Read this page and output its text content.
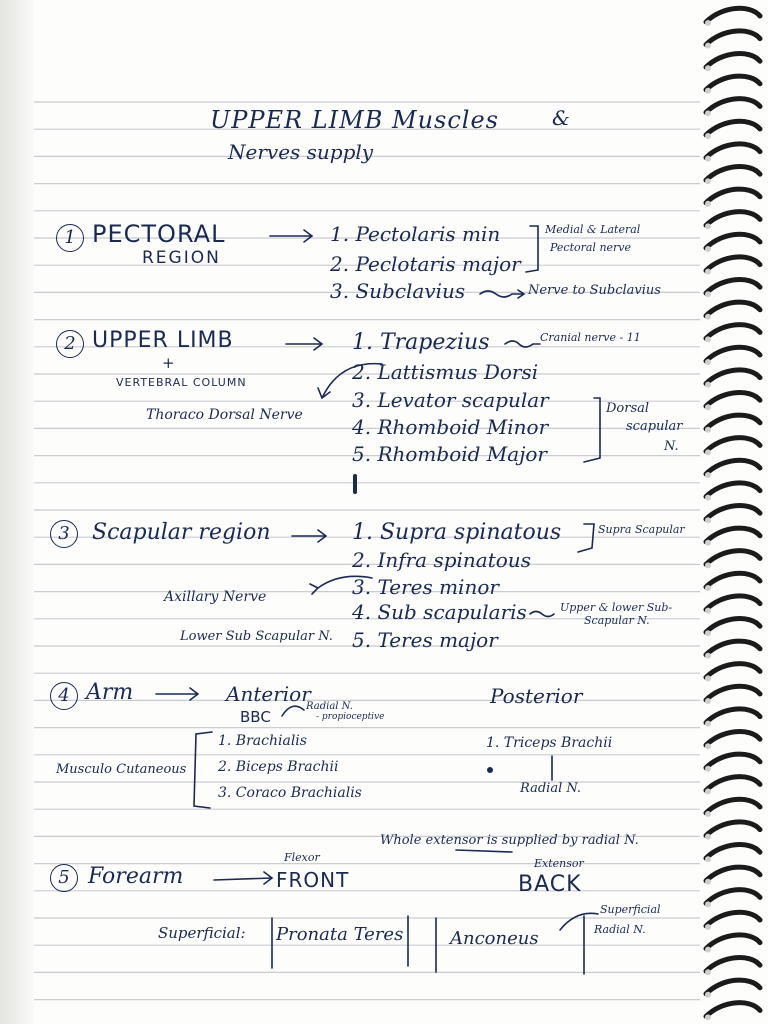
UPPER LIMB Muscles	&
Nerves supply
1 PECTORAL
REGION
1. Pectolaris min
2. Peclotaris major
3. Subclavius
Medial & Lateral
Pectoral nerve
Nerve to Subclavius
2 UPPER LIMB
+
VERTEBRAL COLUMN
1. Trapezius
2. Lattismus Dorsi
3. Levator scapular
4. Rhomboid Minor
5. Rhomboid Major
Cranial nerve - 11
Thoraco Dorsal Nerve	Dorsal
scapular
N.
3	Scapular region	1. Supra spinatous
2. Infra spinatous
3. Teres minor
4. Sub scapularis
5. Teres major
Supra Scapular
Axillary Nerve
Upper & lower Sub-
Scapular N.
Lower Sub Scapular N.
4 Arm	Anterior	Posterior
BBC
Radial N.
- propioceptive
1. Brachialis
2. Biceps Brachii
3. Coraco Brachialis
Musculo Cutaneous
1. Triceps Brachii
Radial N.
Whole extensor is supplied by radial N.
5 Forearm
Flexor
FRONT
Extensor
BACK
Superficial: Pronata Teres	Anconeus
Superficial
Radial N.
